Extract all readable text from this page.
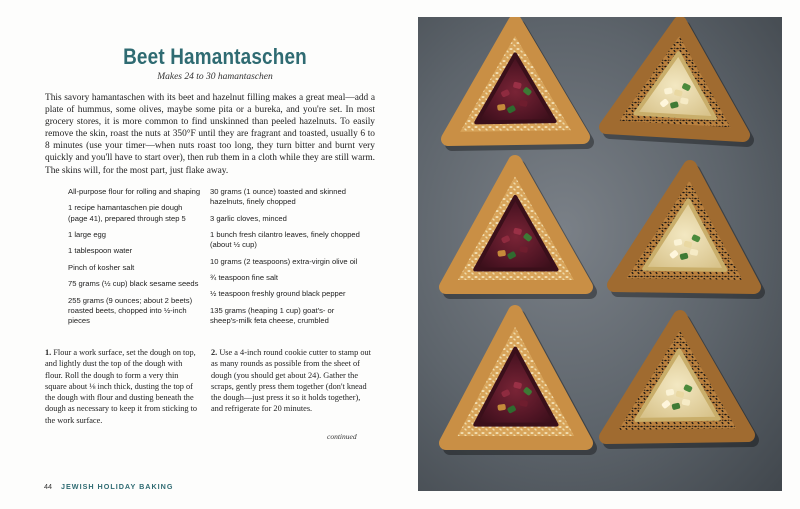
Beet Hamantaschen
Makes 24 to 30 hamantaschen

This savory hamantaschen with its beet and hazelnut filling makes a great meal—add a plate of hummus, some olives, maybe some pita or a bureka, and you're set. In most grocery stores, it is more common to find unskinned than peeled hazelnuts. To easily remove the skin, roast the nuts at 350°F until they are fragrant and toasted, usually 6 to 8 minutes (use your timer—when nuts roast too long, they turn bitter and burnt very quickly and you'll have to start over), then rub them in a cloth while they are still warm. The skins will, for the most part, just flake away.

All-purpose flour for rolling and shaping
1 recipe hamantaschen pie dough (page 41), prepared through step 5
1 large egg
1 tablespoon water
Pinch of kosher salt
75 grams (½ cup) black sesame seeds
255 grams (9 ounces; about 2 beets) roasted beets, chopped into ½-inch pieces
30 grams (1 ounce) toasted and skinned hazelnuts, finely chopped
3 garlic cloves, minced
1 bunch fresh cilantro leaves, finely chopped (about ½ cup)
10 grams (2 teaspoons) extra-virgin olive oil
¾ teaspoon fine salt
½ teaspoon freshly ground black pepper
135 grams (heaping 1 cup) goat's- or sheep's-milk feta cheese, crumbled

1. Flour a work surface, set the dough on top, and lightly dust the top of the dough with flour. Roll the dough to form a very thin square about ⅛ inch thick, dusting the top of the dough with flour and dusting beneath the dough as necessary to keep it from sticking to the work surface.

2. Use a 4-inch round cookie cutter to stamp out as many rounds as possible from the sheet of dough (you should get about 24). Gather the scraps, gently press them together (don't knead the dough—just press it so it holds together), and refrigerate for 20 minutes.

continued
44 JEWISH HOLIDAY BAKING
